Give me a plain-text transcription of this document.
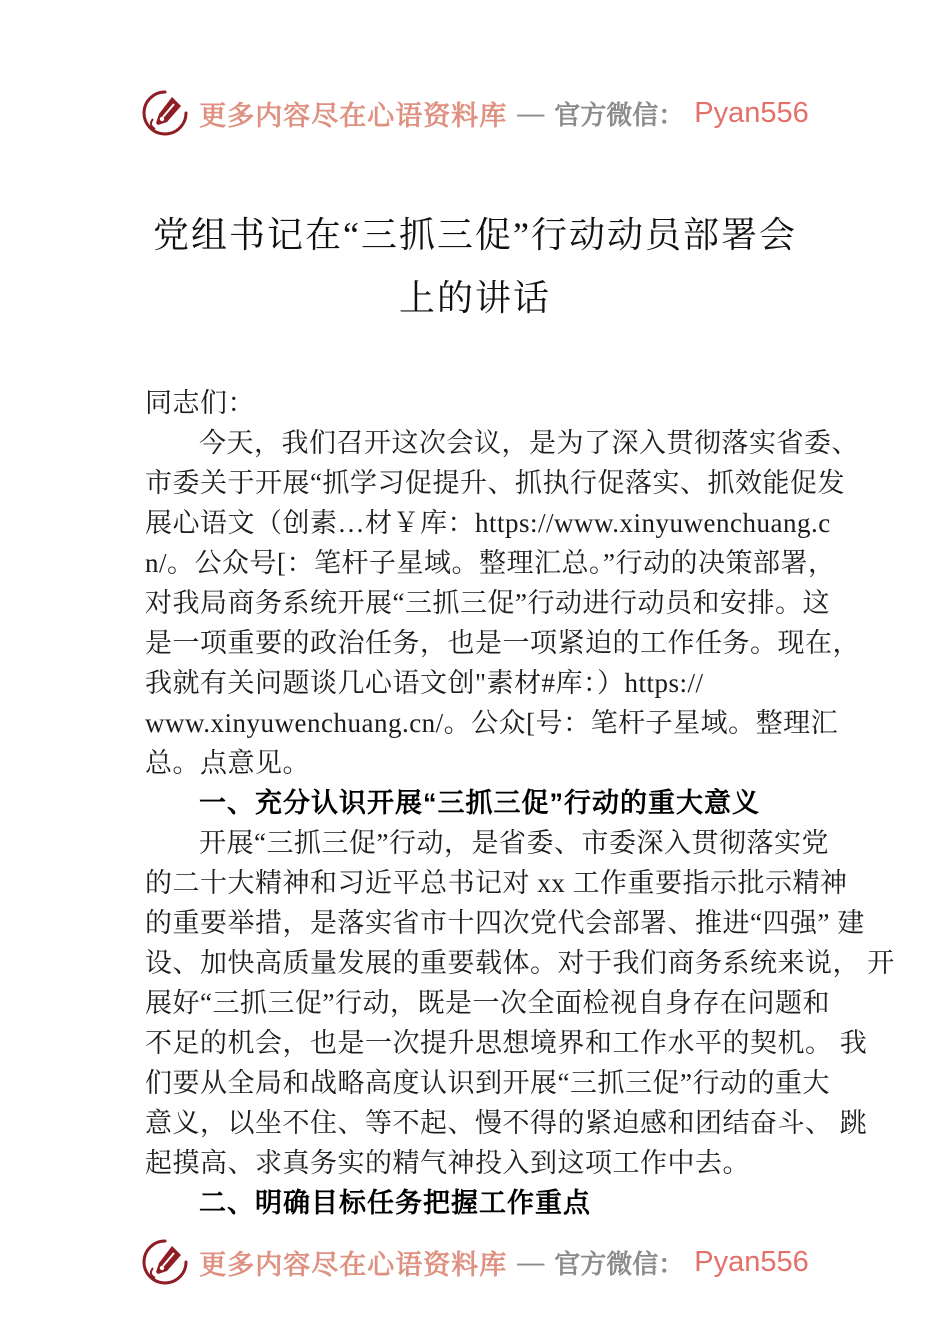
更多内容尽在心语资料库 — 官方微信： Pyan556
党组书记在“三抓三促”行动动员部署会
上的讲话
同志们：
今天，我们召开这次会议，是为了深入贯彻落实省委、
市委关于开展“抓学习促提升、抓执行促落实、抓效能促发
展心语文（创素…材￥库：https://www.xinyuwenchuang.c
n/。公众号[：笔杆子星域。整理汇总。”行动的决策部署，
对我局商务系统开展“三抓三促”行动进行动员和安排。这
是一项重要的政治任务，也是一项紧迫的工作任务。现在，
我就有关问题谈几心语文创"素材#库：）https://
www.xinyuwenchuang.cn/。公众[号：笔杆子星域。整理汇
总。点意见。
一、充分认识开展“三抓三促”行动的重大意义
开展“三抓三促”行动，是省委、市委深入贯彻落实党
的二十大精神和习近平总书记对 xx 工作重要指示批示精神
的重要举措，是落实省市十四次党代会部署、推进“四强” 建
设、加快高质量发展的重要载体。对于我们商务系统来说， 开
展好“三抓三促”行动，既是一次全面检视自身存在问题和
不足的机会，也是一次提升思想境界和工作水平的契机。 我
们要从全局和战略高度认识到开展“三抓三促”行动的重大
意义，以坐不住、等不起、慢不得的紧迫感和团结奋斗、 跳
起摸高、求真务实的精气神投入到这项工作中去。
二、明确目标任务把握工作重点
更多内容尽在心语资料库 — 官方微信： Pyan556
